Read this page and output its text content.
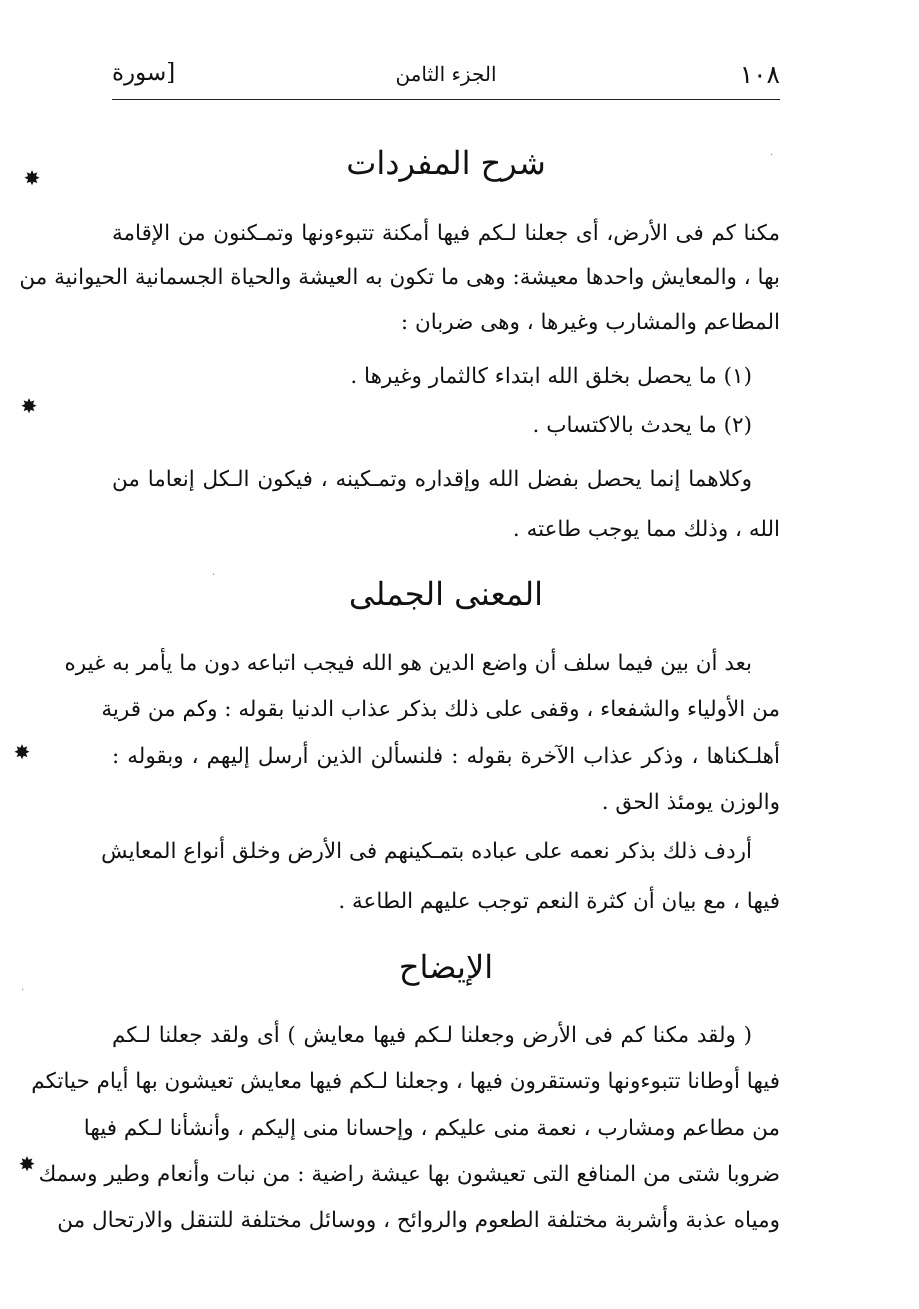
١٠٨
الجزء الثامن
[سورة
شرح المفردات
مكنا كم فى الأرض، أى جعلنا لـكم فيها أمكنة تتبوءونها وتمـكنون من الإقامة
بها ، والمعايش واحدها معيشة: وهى ما تكون به العيشة والحياة الجسمانية الحيوانية من
المطاعم والمشارب وغيرها ، وهى ضربان :
(١) ما يحصل بخلق الله ابتداء كالثمار وغيرها .
(٢) ما يحدث بالاكتساب .
وكلاهما إنما يحصل بفضل الله وإقداره وتمـكينه ، فيكون الـكل إنعاما من
الله ، وذلك مما يوجب طاعته .
المعنى الجملى
بعد أن بين فيما سلف أن واضع الدين هو الله فيجب اتباعه دون ما يأمر به غيره
من الأولياء والشفعاء ، وقفى على ذلك بذكر عذاب الدنيا بقوله : وكم من قرية
أهلـكناها ، وذكر عذاب الآخرة بقوله : فلنسألن الذين أرسل إليهم ، وبقوله :
والوزن يومئذ الحق .
أردف ذلك بذكر نعمه على عباده بتمـكينهم فى الأرض وخلق أنواع المعايش
فيها ، مع بيان أن كثرة النعم توجب عليهم الطاعة .
الإيضاح
( ولقد مكنا كم فى الأرض وجعلنا لـكم فيها معايش ) أى ولقد جعلنا لـكم
فيها أوطانا تتبوءونها وتستقرون فيها ، وجعلنا لـكم فيها معايش تعيشون بها أيام حياتكم
من مطاعم ومشارب ، نعمة منى عليكم ، وإحسانا منى إليكم ، وأنشأنا لـكم فيها
ضروبا شتى من المنافع التى تعيشون بها عيشة راضية : من نبات وأنعام وطير وسمك
ومياه عذبة وأشربة مختلفة الطعوم والروائح ، ووسائل مختلفة للتنقل والارتحال من
✸
✸
✸
✸
·
·
·
